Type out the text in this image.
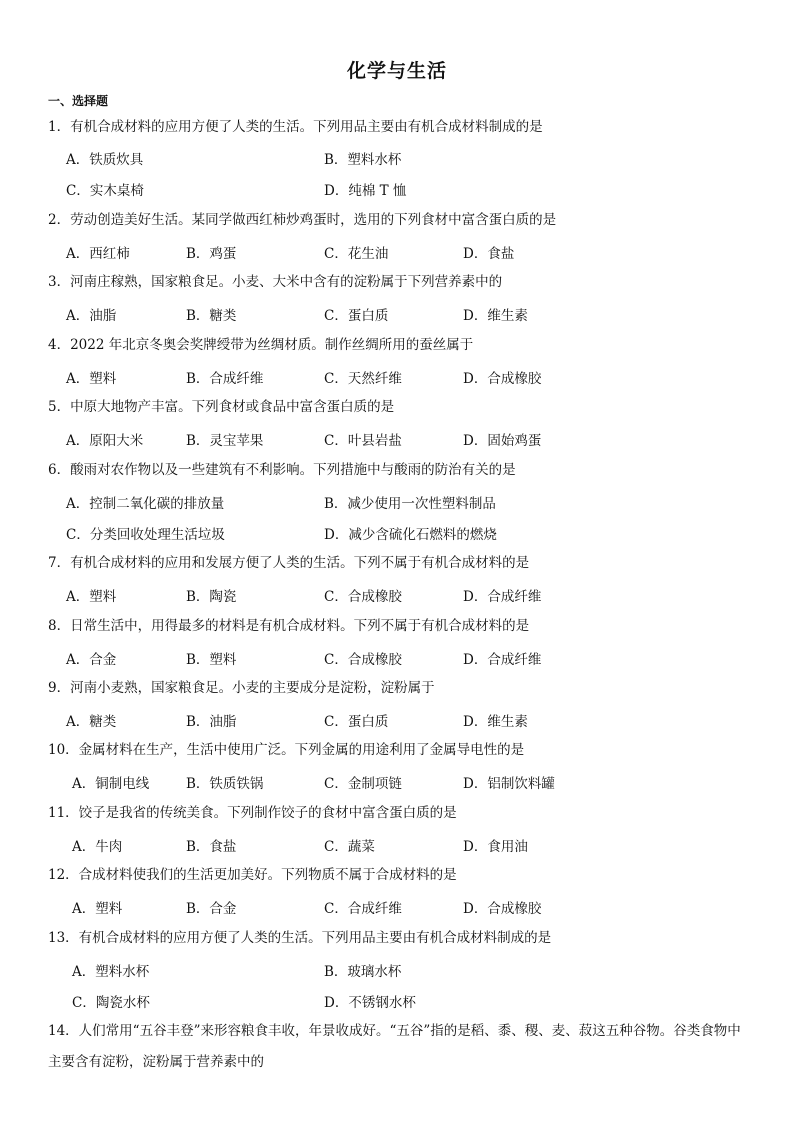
化学与生活
一、选择题
1．有机合成材料的应用方便了人类的生活。下列用品主要由有机合成材料制成的是
A．铁质炊具	B．塑料水杯
C．实木桌椅	D．纯棉 T 恤
2．劳动创造美好生活。某同学做西红柿炒鸡蛋时，选用的下列食材中富含蛋白质的是
A．西红柿	B．鸡蛋	C．花生油	D．食盐
3．河南庄稼熟，国家粮食足。小麦、大米中含有的淀粉属于下列营养素中的
A．油脂	B．糖类	C．蛋白质	D．维生素
4．2022 年北京冬奥会奖牌绶带为丝绸材质。制作丝绸所用的蚕丝属于
A．塑料	B．合成纤维	C．天然纤维	D．合成橡胶
5．中原大地物产丰富。下列食材或食品中富含蛋白质的是
A．原阳大米	B．灵宝苹果	C．叶县岩盐	D．固始鸡蛋
6．酸雨对农作物以及一些建筑有不利影响。下列措施中与酸雨的防治有关的是
A．控制二氧化碳的排放量	B．减少使用一次性塑料制品
C．分类回收处理生活垃圾	D．减少含硫化石燃料的燃烧
7．有机合成材料的应用和发展方便了人类的生活。下列不属于有机合成材料的是
A．塑料	B．陶瓷	C．合成橡胶	D．合成纤维
8．日常生活中，用得最多的材料是有机合成材料。下列不属于有机合成材料的是
A．合金	B．塑料	C．合成橡胶	D．合成纤维
9．河南小麦熟，国家粮食足。小麦的主要成分是淀粉，淀粉属于
A．糖类	B．油脂	C．蛋白质	D．维生素
10．金属材料在生产，生活中使用广泛。下列金属的用途利用了金属导电性的是
A．铜制电线	B．铁质铁锅	C．金制项链	D．铝制饮料罐
11．饺子是我省的传统美食。下列制作饺子的食材中富含蛋白质的是
A．牛肉	B．食盐	C．蔬菜	D．食用油
12．合成材料使我们的生活更加美好。下列物质不属于合成材料的是
A．塑料	B．合金	C．合成纤维	D．合成橡胶
13．有机合成材料的应用方便了人类的生活。下列用品主要由有机合成材料制成的是
A．塑料水杯	B．玻璃水杯
C．陶瓷水杯	D．不锈钢水杯
14．人们常用“五谷丰登”来形容粮食丰收，年景收成好。“五谷”指的是稻、黍、稷、麦、菽这五种谷物。谷类食物中主要含有淀粉，淀粉属于营养素中的
